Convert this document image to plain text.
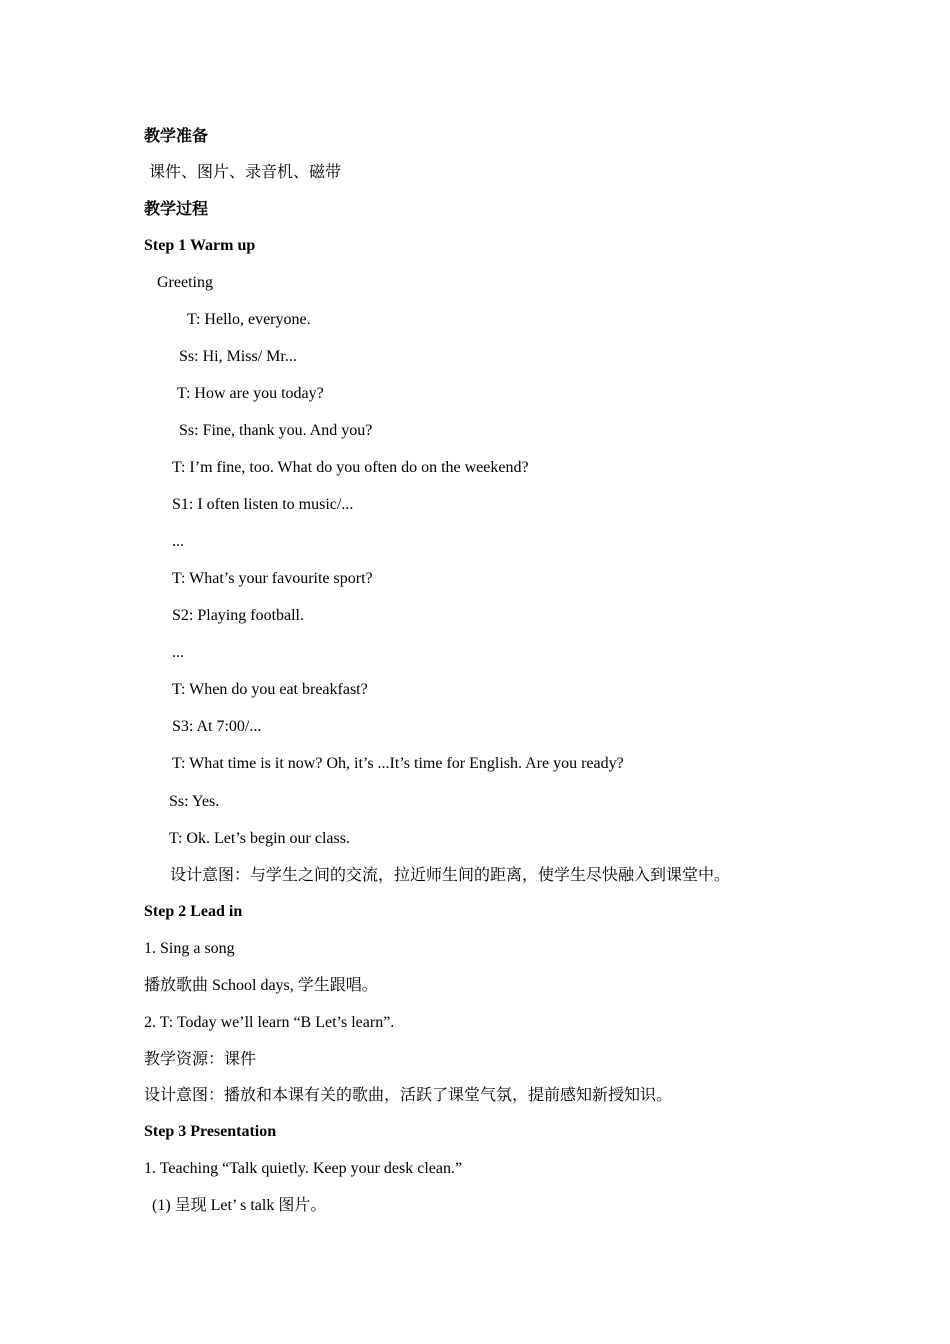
教学准备
课件、图片、录音机、磁带
教学过程
Step 1 Warm up
Greeting
T: Hello, everyone.
Ss: Hi, Miss/ Mr...
T: How are you today?
Ss: Fine, thank you. And you?
T: I’m fine, too. What do you often do on the weekend?
S1: I often listen to music/...
...
T: What’s your favourite sport?
S2: Playing football.
...
T: When do you eat breakfast?
S3: At 7:00/...
T: What time is it now? Oh, it’s ...It’s time for English. Are you ready?
Ss: Yes.
T: Ok. Let’s begin our class.
设计意图：与学生之间的交流，拉近师生间的距离，使学生尽快融入到课堂中。
Step 2 Lead in
1. Sing a song
播放歌曲 School days, 学生跟唱。
2. T: Today we’ll learn “B Let’s learn”.
教学资源：课件
设计意图：播放和本课有关的歌曲，活跃了课堂气氛，提前感知新授知识。
Step 3 Presentation
1. Teaching “Talk quietly. Keep your desk clean.”
(1) 呈现 Let’ s talk 图片。
